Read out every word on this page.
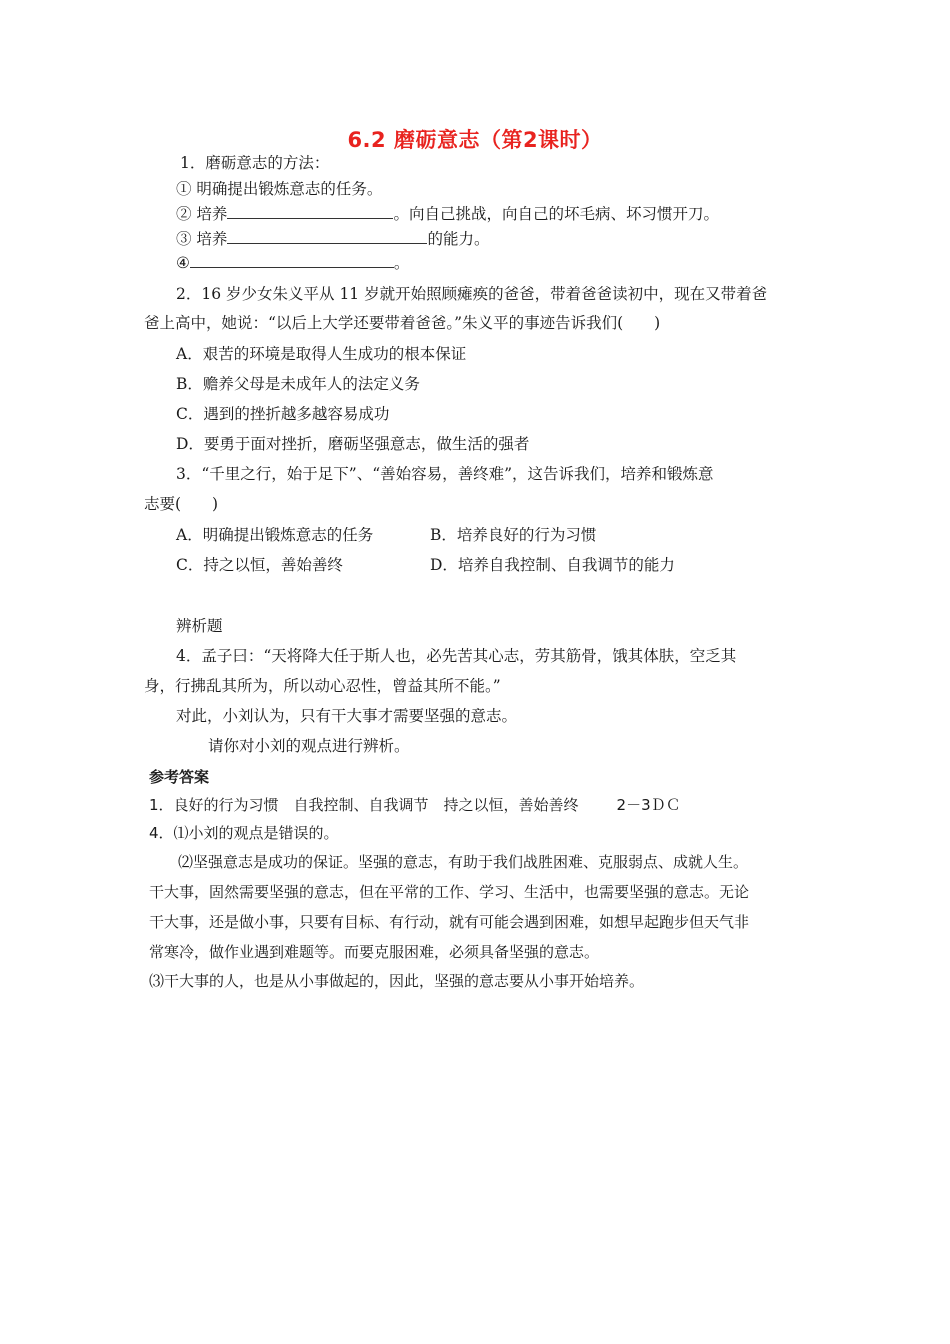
6.2 磨砺意志（第2课时）
1．磨砺意志的方法：
① 明确提出锻炼意志的任务。
② 培养	。向自己挑战，向自己的坏毛病、坏习惯开刀。
③ 培养	的能力。
④	。
2．16 岁少女朱义平从 11 岁就开始照顾瘫痪的爸爸，带着爸爸读初中，现在又带着爸
爸上高中，她说：“以后上大学还要带着爸爸。”朱义平的事迹告诉我们(　　)
A．艰苦的环境是取得人生成功的根本保证
B．赡养父母是未成年人的法定义务
C．遇到的挫折越多越容易成功
D．要勇于面对挫折，磨砺坚强意志，做生活的强者
3．“千里之行，始于足下”、“善始容易，善终难”，这告诉我们，培养和锻炼意
志要(　　)
A．明确提出锻炼意志的任务	B．培养良好的行为习惯
C．持之以恒，善始善终	D．培养自我控制、自我调节的能力
辨析题
4．孟子曰：“天将降大任于斯人也，必先苦其心志，劳其筋骨，饿其体肤，空乏其
身，行拂乱其所为，所以动心忍性，曾益其所不能。”
对此，小刘认为，只有干大事才需要坚强的意志。
请你对小刘的观点进行辨析。
参考答案
1．良好的行为习惯　自我控制、自我调节　持之以恒，善始善终	2－3ＤＣ
4．⑴小刘的观点是错误的。
⑵坚强意志是成功的保证。坚强的意志，有助于我们战胜困难、克服弱点、成就人生。
干大事，固然需要坚强的意志，但在平常的工作、学习、生活中，也需要坚强的意志。无论
干大事，还是做小事，只要有目标、有行动，就有可能会遇到困难，如想早起跑步但天气非
常寒冷，做作业遇到难题等。而要克服困难，必须具备坚强的意志。
⑶干大事的人，也是从小事做起的，因此，坚强的意志要从小事开始培养。
